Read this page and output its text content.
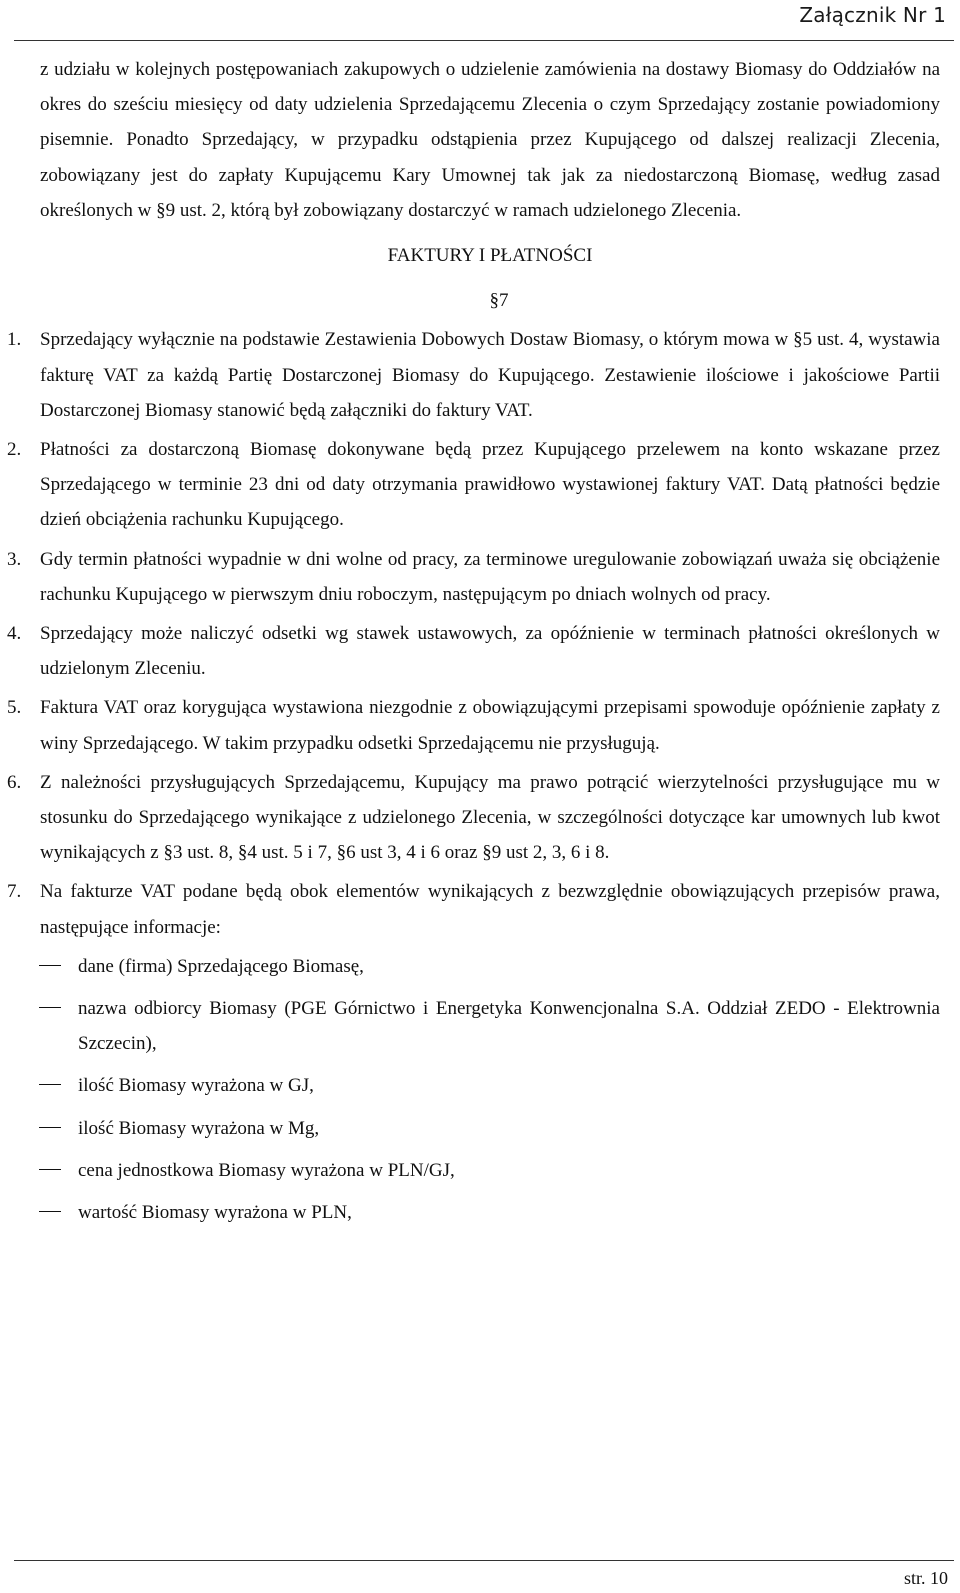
Załącznik Nr 1

z udziału w kolejnych postępowaniach zakupowych o udzielenie zamówienia na dostawy Biomasy do Oddziałów na okres do sześciu miesięcy od daty udzielenia Sprzedającemu Zlecenia o czym Sprzedający zostanie powiadomiony pisemnie. Ponadto Sprzedający, w przypadku odstąpienia przez Kupującego od dalszej realizacji Zlecenia, zobowiązany jest do zapłaty Kupującemu Kary Umownej tak jak za niedostarczoną Biomasę, według zasad określonych w §9 ust. 2, którą był zobowiązany dostarczyć w ramach udzielonego Zlecenia.

FAKTURY I PŁATNOŚCI

§7

1. Sprzedający wyłącznie na podstawie Zestawienia Dobowych Dostaw Biomasy, o którym mowa w §5 ust. 4, wystawia fakturę VAT za każdą Partię Dostarczonej Biomasy do Kupującego. Zestawienie ilościowe i jakościowe Partii Dostarczonej Biomasy stanowić będą załączniki do faktury VAT.
2. Płatności za dostarczoną Biomasę dokonywane będą przez Kupującego przelewem na konto wskazane przez Sprzedającego w terminie 23 dni od daty otrzymania prawidłowo wystawionej faktury VAT. Datą płatności będzie dzień obciążenia rachunku Kupującego.
3. Gdy termin płatności wypadnie w dni wolne od pracy, za terminowe uregulowanie zobowiązań uważa się obciążenie rachunku Kupującego w pierwszym dniu roboczym, następującym po dniach wolnych od pracy.
4. Sprzedający może naliczyć odsetki wg stawek ustawowych, za opóźnienie w terminach płatności określonych w udzielonym Zleceniu.
5. Faktura VAT oraz korygująca wystawiona niezgodnie z obowiązującymi przepisami spowoduje opóźnienie zapłaty z winy Sprzedającego. W takim przypadku odsetki Sprzedającemu nie przysługują.
6. Z należności przysługujących Sprzedającemu, Kupujący ma prawo potrącić wierzytelności przysługujące mu w stosunku do Sprzedającego wynikające z udzielonego Zlecenia, w szczególności dotyczące kar umownych lub kwot wynikających z §3 ust. 8, §4 ust. 5 i 7, §6 ust 3, 4 i 6 oraz §9 ust 2, 3, 6 i 8.
7. Na fakturze VAT podane będą obok elementów wynikających z bezwzględnie obowiązujących przepisów prawa, następujące informacje:
dane (firma) Sprzedającego Biomasę,
nazwa odbiorcy Biomasy (PGE Górnictwo i Energetyka Konwencjonalna S.A. Oddział ZEDO - Elektrownia Szczecin),
ilość Biomasy wyrażona w GJ,
ilość Biomasy wyrażona w Mg,
cena jednostkowa Biomasy wyrażona w PLN/GJ,
wartość Biomasy wyrażona w PLN,
str. 10
